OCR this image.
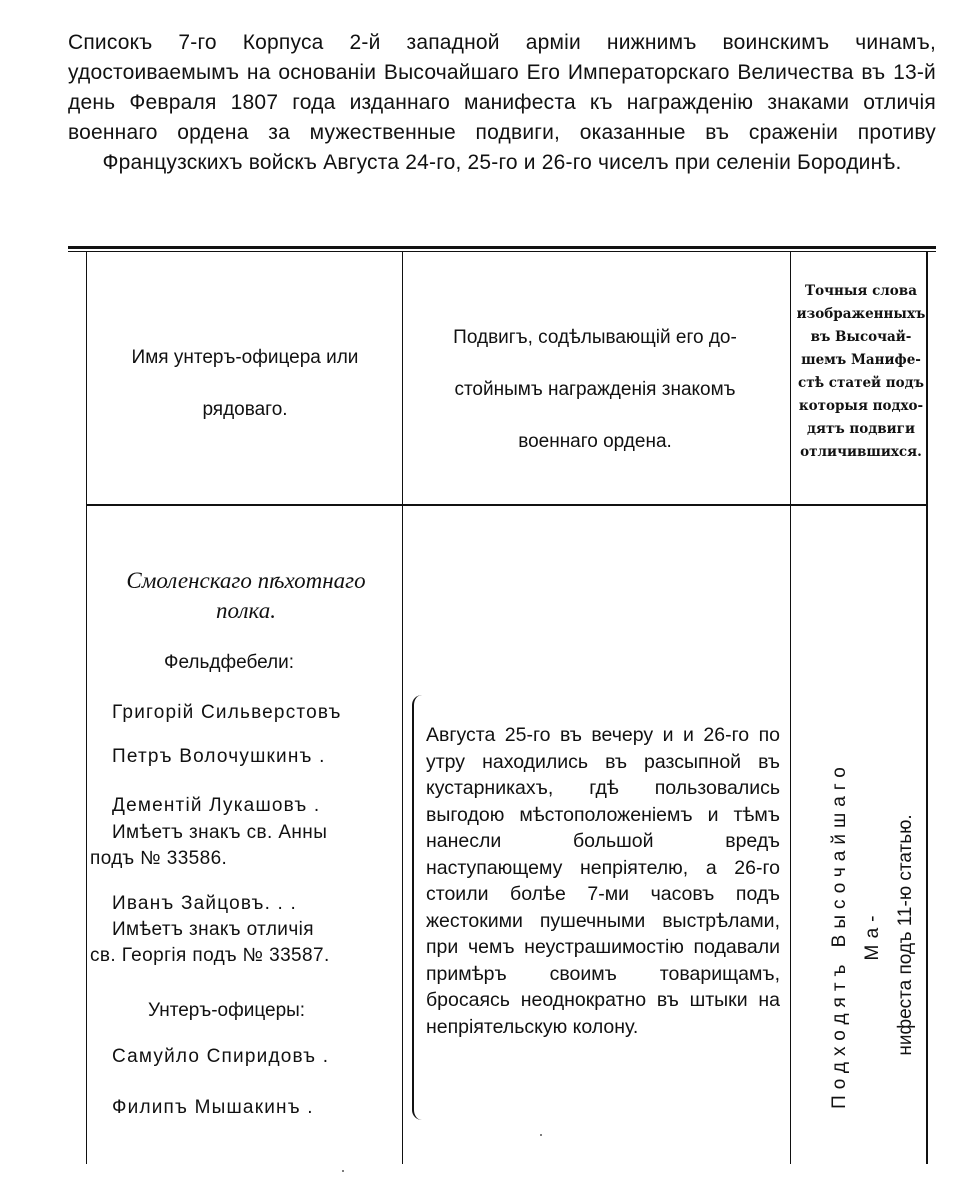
Списокъ 7-го Корпуса 2-й западной арміи нижнимъ воинскимъ чинамъ, удостоиваемымъ на основаніи Высочайшаго Его Императорскаго Величества въ 13-й день Февраля 1807 года изданнаго манифеста къ награжденію знаками отличія военнаго ордена за мужественные подвиги, оказанные въ сраженіи противу Французскихъ войскъ Августа 24-го, 25-го и 26-го чиселъ при селеніи Бородинѣ.
Имя унтеръ-офицера или
рядоваго.
Подвигъ, содѣлывающій его до-
стойнымъ награжденія знакомъ
военнаго ордена.
Точныя слова
изображенныхъ
въ Высочай-
шемъ Манифе-
стѣ статей подъ
которыя подхо-
дятъ подвиги
отличившихся.
Смоленскаго пѣхотнаго
полка.
Фельдфебели:
Григорій Сильверстовъ
Петръ Волочушкинъ .
Дементій Лукашовъ .
Имѣетъ знакъ св. Анны
подъ № 33586.
Иванъ Зайцовъ. . .
Имѣетъ знакъ отличія
св. Георгія подъ № 33587.
Унтеръ-офицеры:
Самуйло Спиридовъ .
Филипъ Мышакинъ .
Августа 25-го въ вечеру и и 26-го по утру находились въ разсыпной въ кустарникахъ, гдѣ пользовались выгодою мѣстоположеніемъ и тѣмъ нанесли большой вредъ наступающему непріятелю, а 26-го стоили болѣе 7-ми часовъ подъ жестокими пушечными выстрѣлами, при чемъ неустрашимостію подавали примѣръ своимъ товарищамъ, бросаясь неоднократно въ штыки на непріятельскую колону.	Подходятъ Высочайшаго Ма- нифеста подъ 11-ю статью.
